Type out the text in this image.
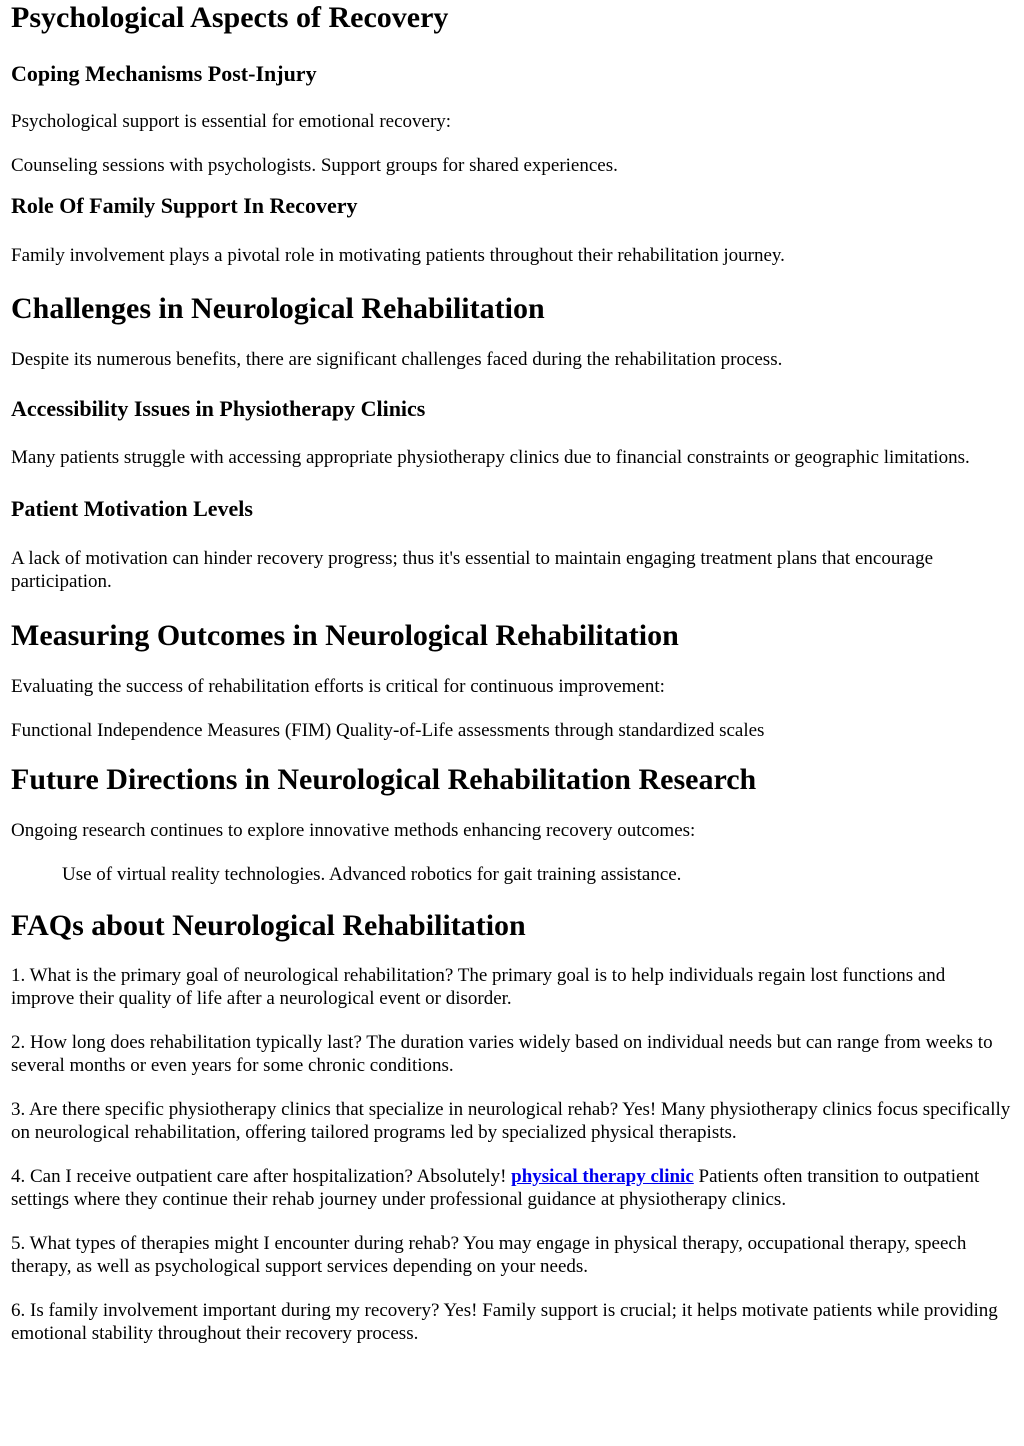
Psychological Aspects of Recovery
Coping Mechanisms Post-Injury

Psychological support is essential for emotional recovery:

Counseling sessions with psychologists. Support groups for shared experiences.

Role Of Family Support In Recovery

Family involvement plays a pivotal role in motivating patients throughout their rehabilitation journey.

Challenges in Neurological Rehabilitation

Despite its numerous benefits, there are significant challenges faced during the rehabilitation process.

Accessibility Issues in Physiotherapy Clinics

Many patients struggle with accessing appropriate physiotherapy clinics due to financial constraints or geographic limitations.

Patient Motivation Levels

A lack of motivation can hinder recovery progress; thus it's essential to maintain engaging treatment plans that encourage participation.

Measuring Outcomes in Neurological Rehabilitation

Evaluating the success of rehabilitation efforts is critical for continuous improvement:

Functional Independence Measures (FIM) Quality-of-Life assessments through standardized scales

Future Directions in Neurological Rehabilitation Research

Ongoing research continues to explore innovative methods enhancing recovery outcomes:

Use of virtual reality technologies. Advanced robotics for gait training assistance.

FAQs about Neurological Rehabilitation

1. What is the primary goal of neurological rehabilitation? The primary goal is to help individuals regain lost functions and improve their quality of life after a neurological event or disorder.

2. How long does rehabilitation typically last? The duration varies widely based on individual needs but can range from weeks to several months or even years for some chronic conditions.

3. Are there specific physiotherapy clinics that specialize in neurological rehab? Yes! Many physiotherapy clinics focus specifically on neurological rehabilitation, offering tailored programs led by specialized physical therapists.

4. Can I receive outpatient care after hospitalization? Absolutely! physical therapy clinic Patients often transition to outpatient settings where they continue their rehab journey under professional guidance at physiotherapy clinics.

5. What types of therapies might I encounter during rehab? You may engage in physical therapy, occupational therapy, speech therapy, as well as psychological support services depending on your needs.

6. Is family involvement important during my recovery? Yes! Family support is crucial; it helps motivate patients while providing emotional stability throughout their recovery process.
